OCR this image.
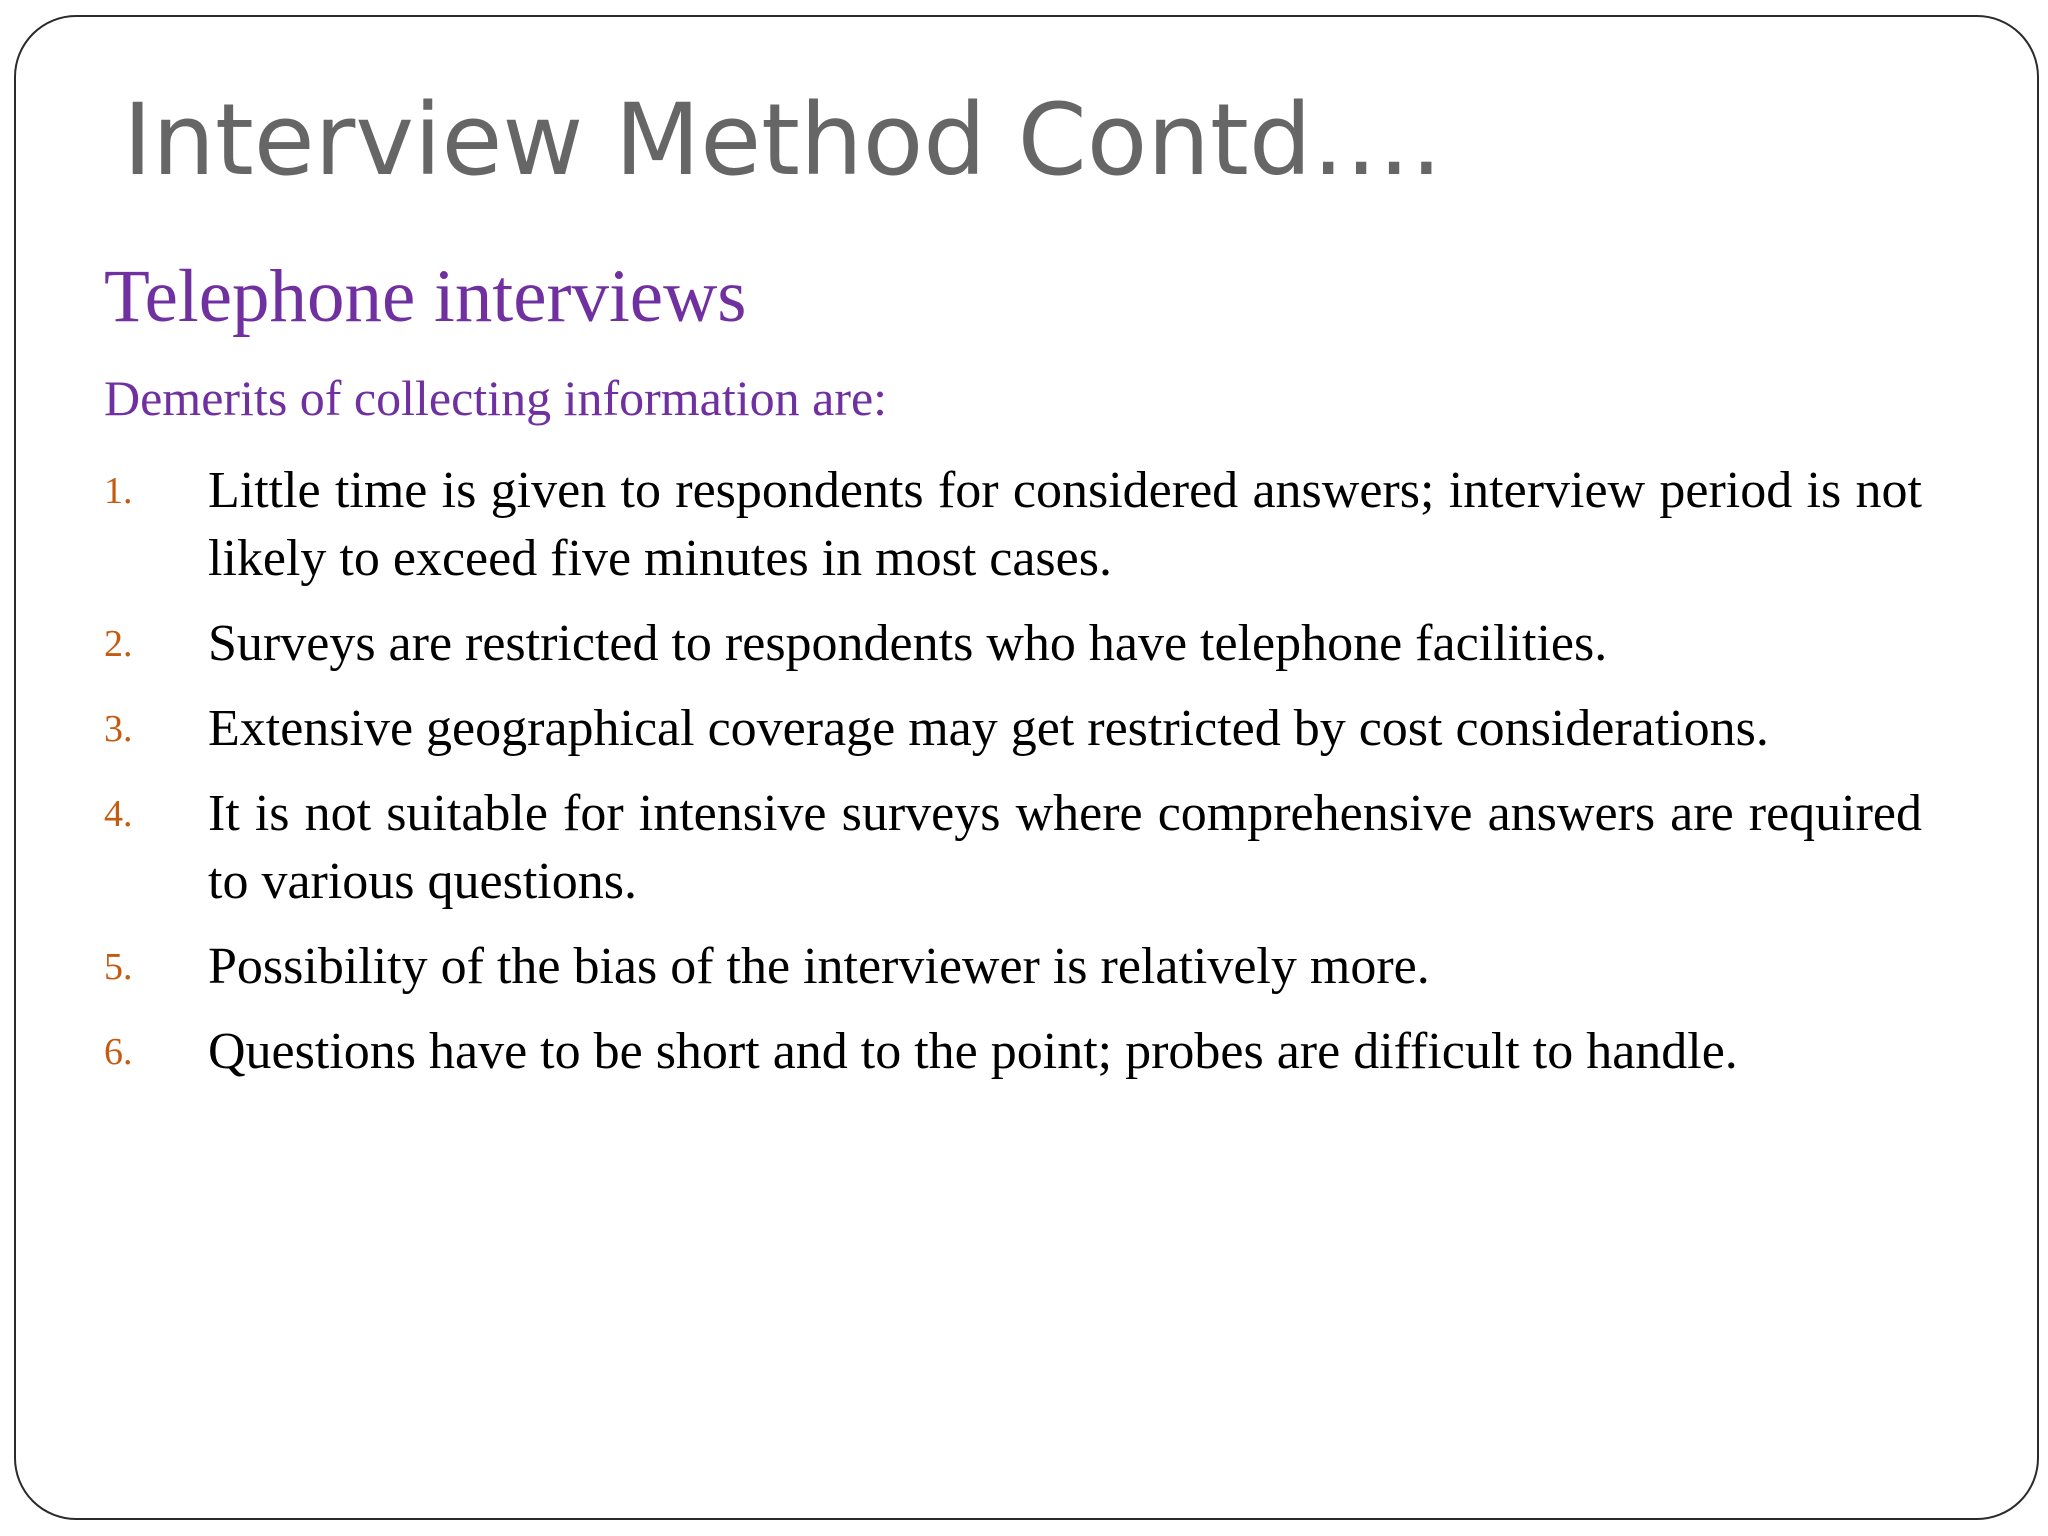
Interview Method Contd….
Telephone interviews

Demerits of collecting information are:

1.	Little time is given to respondents for considered answers; interview period is not likely to exceed five minutes in most cases.
2.	Surveys are restricted to respondents who have telephone facilities.
3.	Extensive geographical coverage may get restricted by cost considerations.
4.	It is not suitable for intensive surveys where comprehensive answers are required to various questions.
5.	Possibility of the bias of the interviewer is relatively more.
6.	Questions have to be short and to the point; probes are difficult to handle.
